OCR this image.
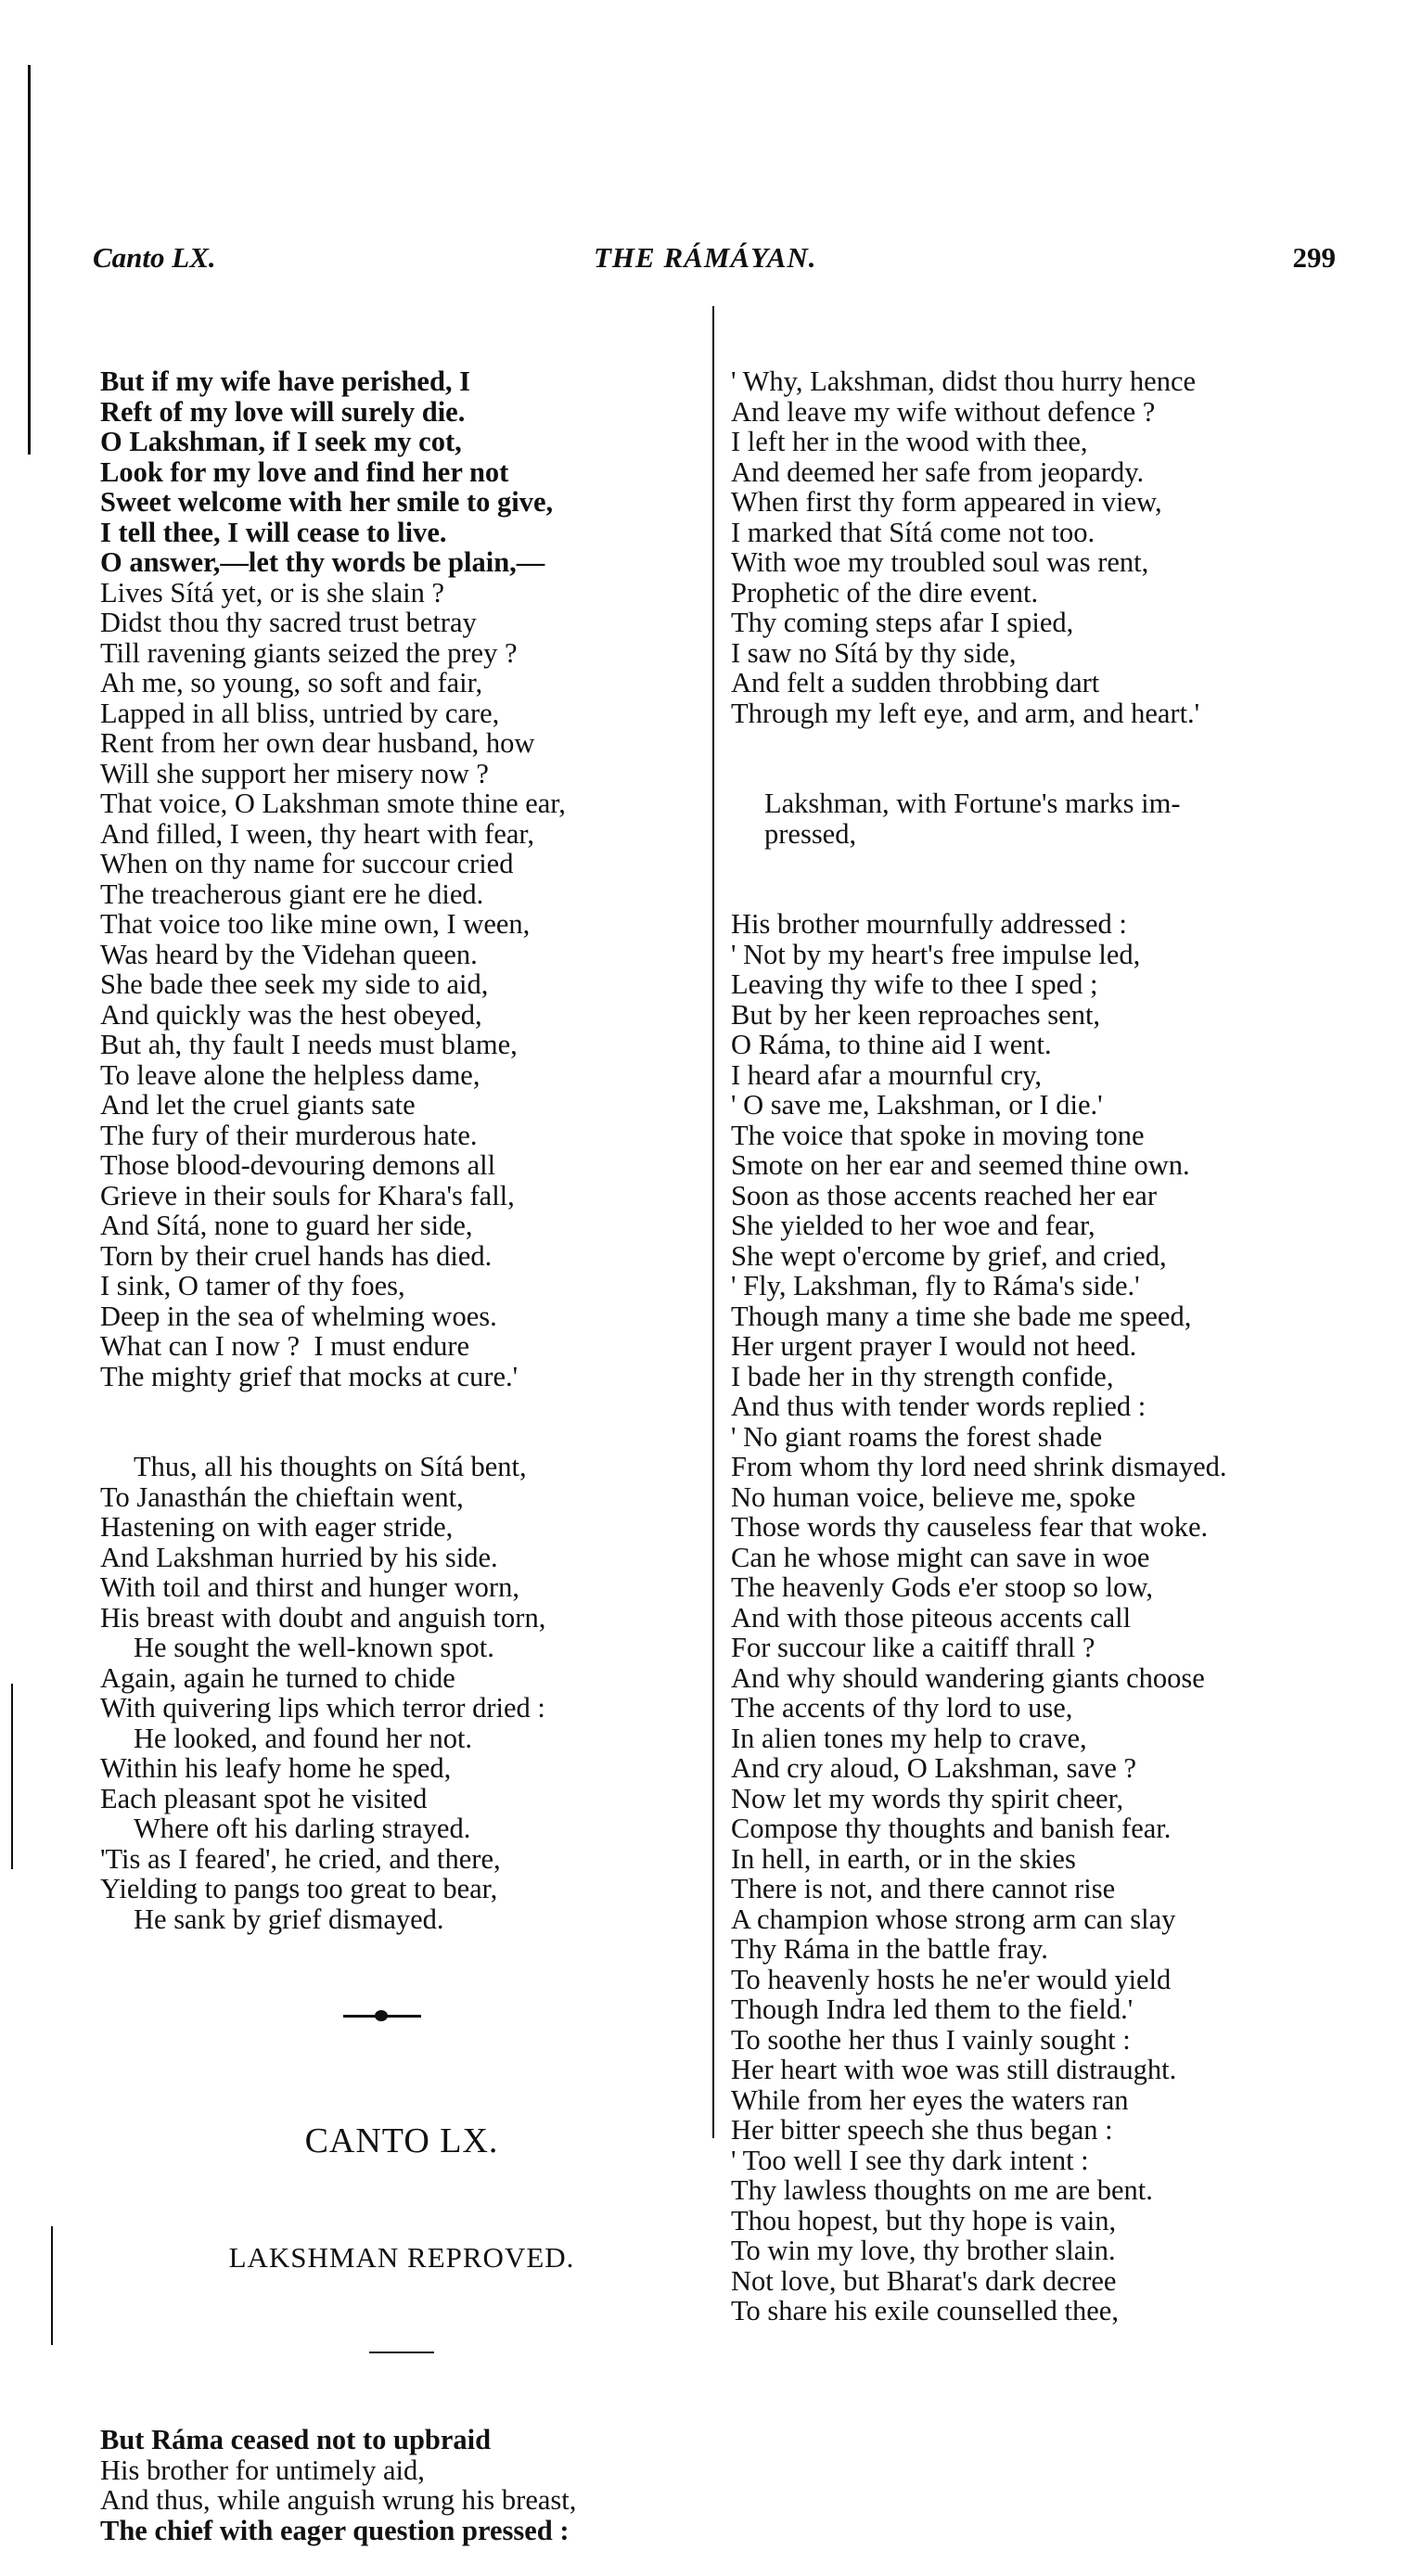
Canto LX.	THE RÁMÁYAN.	299

But if my wife have perished, I
Reft of my love will surely die.
O Lakshman, if I seek my cot,
Look for my love and find her not
Sweet welcome with her smile to give,
I tell thee, I will cease to live.
O answer,—let thy words be plain,—
Lives Sítá yet, or is she slain ?
Didst thou thy sacred trust betray
Till ravening giants seized the prey ?
Ah me, so young, so soft and fair,
Lapped in all bliss, untried by care,
Rent from her own dear husband, how
Will she support her misery now ?
That voice, O Lakshman smote thine ear,
And filled, I ween, thy heart with fear,
When on thy name for succour cried
The treacherous giant ere he died.
That voice too like mine own, I ween,
Was heard by the Videhan queen.
She bade thee seek my side to aid,
And quickly was the hest obeyed,
But ah, thy fault I needs must blame,
To leave alone the helpless dame,
And let the cruel giants sate
The fury of their murderous hate.
Those blood-devouring demons all
Grieve in their souls for Khara's fall,
And Sítá, none to guard her side,
Torn by their cruel hands has died.
I sink, O tamer of thy foes,
Deep in the sea of whelming woes.
What can I now ?  I must endure
The mighty grief that mocks at cure.'

Thus, all his thoughts on Sítá bent,
To Janasthán the chieftain went,
Hastening on with eager stride,
And Lakshman hurried by his side.
With toil and thirst and hunger worn,
His breast with doubt and anguish torn,
He sought the well-known spot.
Again, again he turned to chide
With quivering lips which terror dried :
He looked, and found her not.
Within his leafy home he sped,
Each pleasant spot he visited
Where oft his darling strayed.
'Tis as I feared', he cried, and there,
Yielding to pangs too great to bear,
He sank by grief dismayed.

CANTO LX.

LAKSHMAN REPROVED.

But Ráma ceased not to upbraid
His brother for untimely aid,
And thus, while anguish wrung his breast,
The chief with eager question pressed :

' Why, Lakshman, didst thou hurry hence
And leave my wife without defence ?
I left her in the wood with thee,
And deemed her safe from jeopardy.
When first thy form appeared in view,
I marked that Sítá come not too.
With woe my troubled soul was rent,
Prophetic of the dire event.
Thy coming steps afar I spied,
I saw no Sítá by thy side,
And felt a sudden throbbing dart
Through my left eye, and arm, and heart.'

Lakshman, with Fortune's marks im-
pressed,

His brother mournfully addressed :
' Not by my heart's free impulse led,
Leaving thy wife to thee I sped ;
But by her keen reproaches sent,
O Ráma, to thine aid I went.
I heard afar a mournful cry,
' O save me, Lakshman, or I die.'
The voice that spoke in moving tone
Smote on her ear and seemed thine own.
Soon as those accents reached her ear
She yielded to her woe and fear,
She wept o'ercome by grief, and cried,
' Fly, Lakshman, fly to Ráma's side.'
Though many a time she bade me speed,
Her urgent prayer I would not heed.
I bade her in thy strength confide,
And thus with tender words replied :
' No giant roams the forest shade
From whom thy lord need shrink dismayed.
No human voice, believe me, spoke
Those words thy causeless fear that woke.
Can he whose might can save in woe
The heavenly Gods e'er stoop so low,
And with those piteous accents call
For succour like a caitiff thrall ?
And why should wandering giants choose
The accents of thy lord to use,
In alien tones my help to crave,
And cry aloud, O Lakshman, save ?
Now let my words thy spirit cheer,
Compose thy thoughts and banish fear.
In hell, in earth, or in the skies
There is not, and there cannot rise
A champion whose strong arm can slay
Thy Ráma in the battle fray.
To heavenly hosts he ne'er would yield
Though Indra led them to the field.'
To soothe her thus I vainly sought :
Her heart with woe was still distraught.
While from her eyes the waters ran
Her bitter speech she thus began :
' Too well I see thy dark intent :
Thy lawless thoughts on me are bent.
Thou hopest, but thy hope is vain,
To win my love, thy brother slain.
Not love, but Bharat's dark decree
To share his exile counselled thee,
